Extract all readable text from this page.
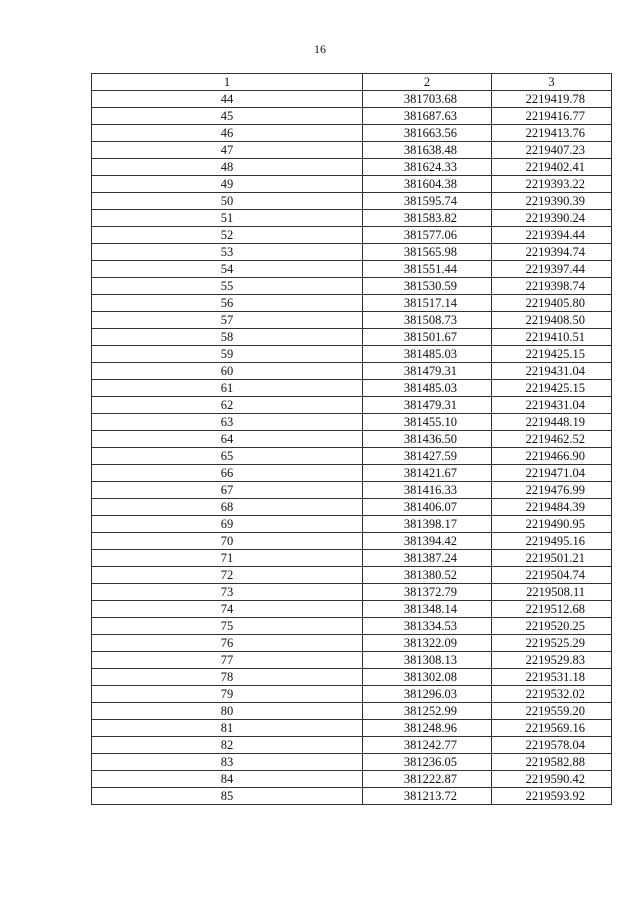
16
1	2	3
44	381703.68	2219419.78
45	381687.63	2219416.77
46	381663.56	2219413.76
47	381638.48	2219407.23
48	381624.33	2219402.41
49	381604.38	2219393.22
50	381595.74	2219390.39
51	381583.82	2219390.24
52	381577.06	2219394.44
53	381565.98	2219394.74
54	381551.44	2219397.44
55	381530.59	2219398.74
56	381517.14	2219405.80
57	381508.73	2219408.50
58	381501.67	2219410.51
59	381485.03	2219425.15
60	381479.31	2219431.04
61	381485.03	2219425.15
62	381479.31	2219431.04
63	381455.10	2219448.19
64	381436.50	2219462.52
65	381427.59	2219466.90
66	381421.67	2219471.04
67	381416.33	2219476.99
68	381406.07	2219484.39
69	381398.17	2219490.95
70	381394.42	2219495.16
71	381387.24	2219501.21
72	381380.52	2219504.74
73	381372.79	2219508.11
74	381348.14	2219512.68
75	381334.53	2219520.25
76	381322.09	2219525.29
77	381308.13	2219529.83
78	381302.08	2219531.18
79	381296.03	2219532.02
80	381252.99	2219559.20
81	381248.96	2219569.16
82	381242.77	2219578.04
83	381236.05	2219582.88
84	381222.87	2219590.42
85	381213.72	2219593.92
